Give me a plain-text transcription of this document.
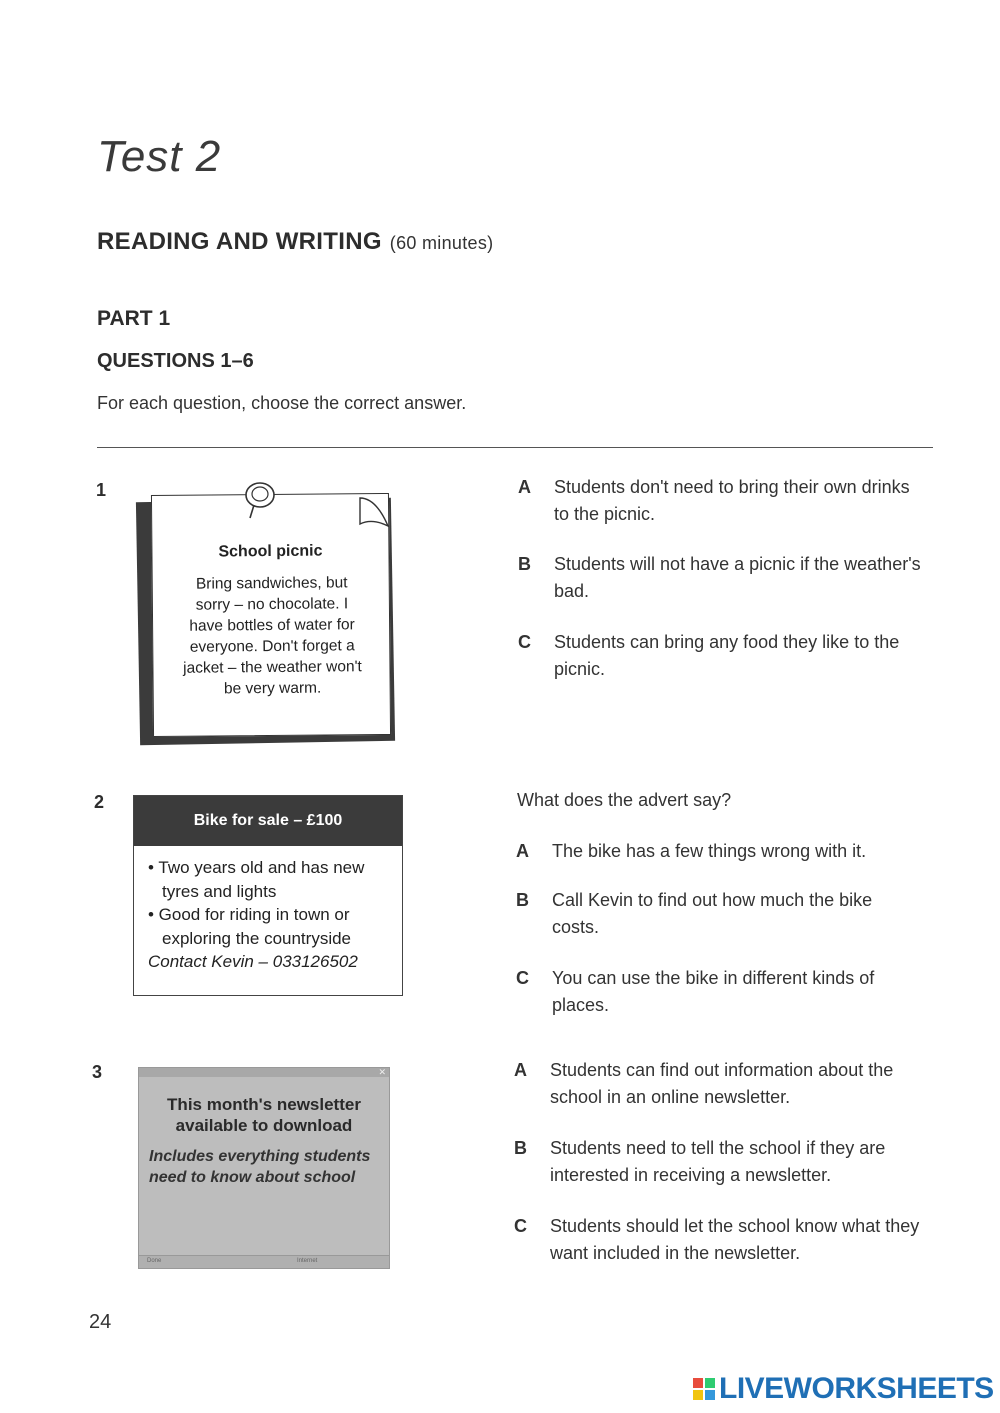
Test 2
READING AND WRITING (60 minutes)
PART 1
QUESTIONS 1–6
For each question, choose the correct answer.
1
School picnic
Bring sandwiches, but sorry – no chocolate. I have bottles of water for everyone. Don't forget a jacket – the weather won't be very warm.
A	Students don't need to bring their own drinks to the picnic.
B	Students will not have a picnic if the weather's bad.
C	Students can bring any food they like to the picnic.
2
Bike for sale – £100
• Two years old and has new tyres and lights
• Good for riding in town or exploring the countryside
Contact Kevin – 033126502
What does the advert say?
A	The bike has a few things wrong with it.
B	Call Kevin to find out how much the bike costs.
C	You can use the bike in different kinds of places.
3	✕
This month's newsletter available to download
Includes everything students need to know about school
Done	Internet
A	Students can find out information about the school in an online newsletter.
B	Students need to tell the school if they are interested in receiving a newsletter.
C	Students should let the school know what they want included in the newsletter.
24
LIVEWORKSHEETS
